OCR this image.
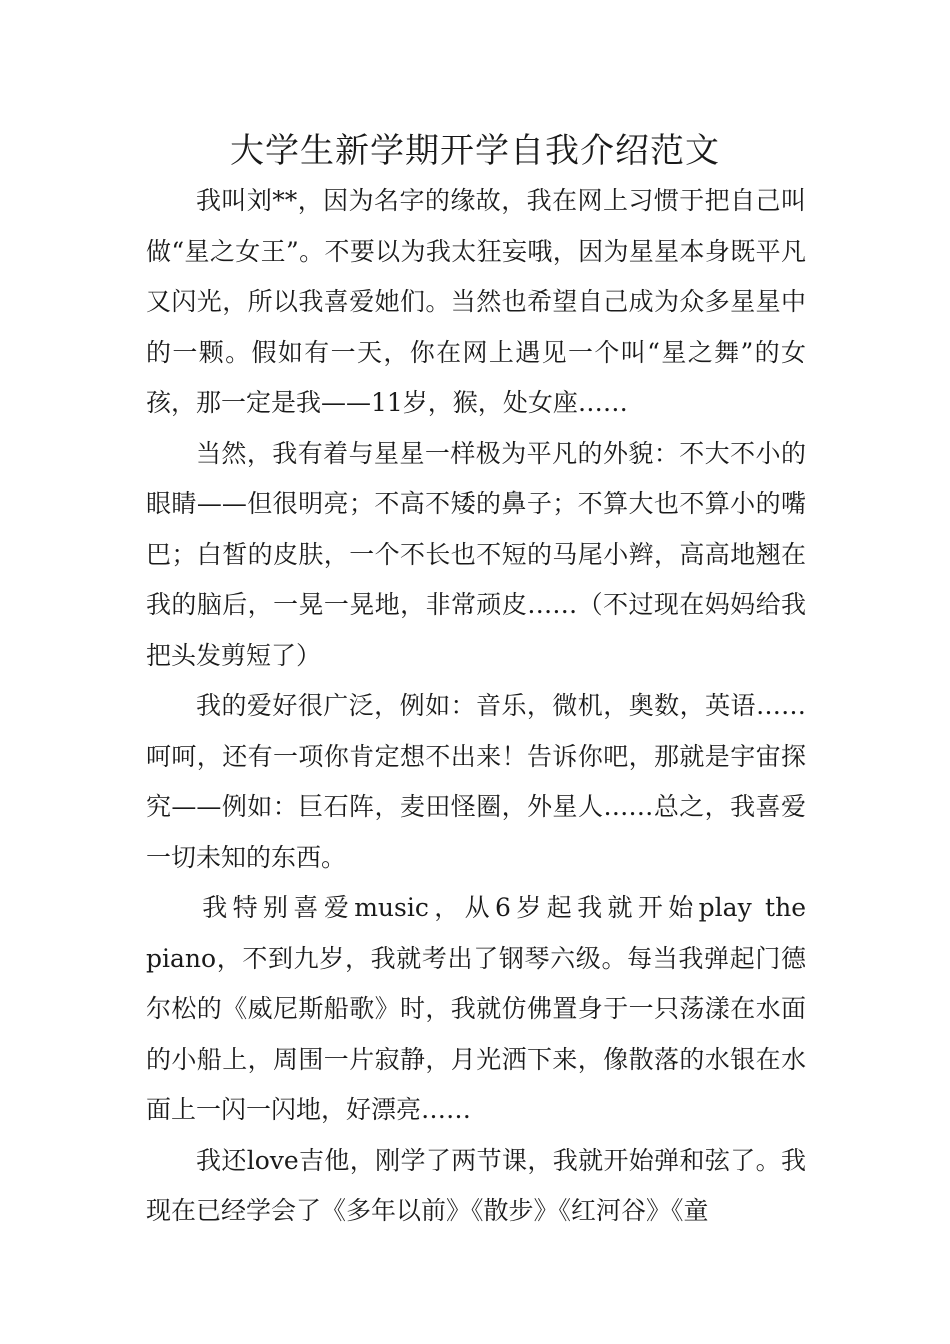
大学生新学期开学自我介绍范文

我叫刘**，因为名字的缘故，我在网上习惯于把自己叫做“星之女王”。不要以为我太狂妄哦，因为星星本身既平凡又闪光，所以我喜爱她们。当然也希望自己成为众多星星中的一颗。假如有一天，你在网上遇见一个叫“星之舞”的女孩，那一定是我——11岁，猴，处女座……

当然，我有着与星星一样极为平凡的外貌：不大不小的眼睛——但很明亮；不高不矮的鼻子；不算大也不算小的嘴巴；白皙的皮肤，一个不长也不短的马尾小辫，高高地翘在我的脑后，一晃一晃地，非常顽皮……（不过现在妈妈给我把头发剪短了）

我的爱好很广泛，例如：音乐，微机，奥数，英语……呵呵，还有一项你肯定想不出来！告诉你吧，那就是宇宙探究——例如：巨石阵，麦田怪圈，外星人……总之，我喜爱一切未知的东西。

我特别喜爱music，从6岁起我就开始play the piano，不到九岁，我就考出了钢琴六级。每当我弹起门德尔松的《威尼斯船歌》时，我就仿佛置身于一只荡漾在水面的小船上，周围一片寂静，月光洒下来，像散落的水银在水面上一闪一闪地，好漂亮……

我还love吉他，刚学了两节课，我就开始弹和弦了。我现在已经学会了《多年以前》《散步》《红河谷》《童
